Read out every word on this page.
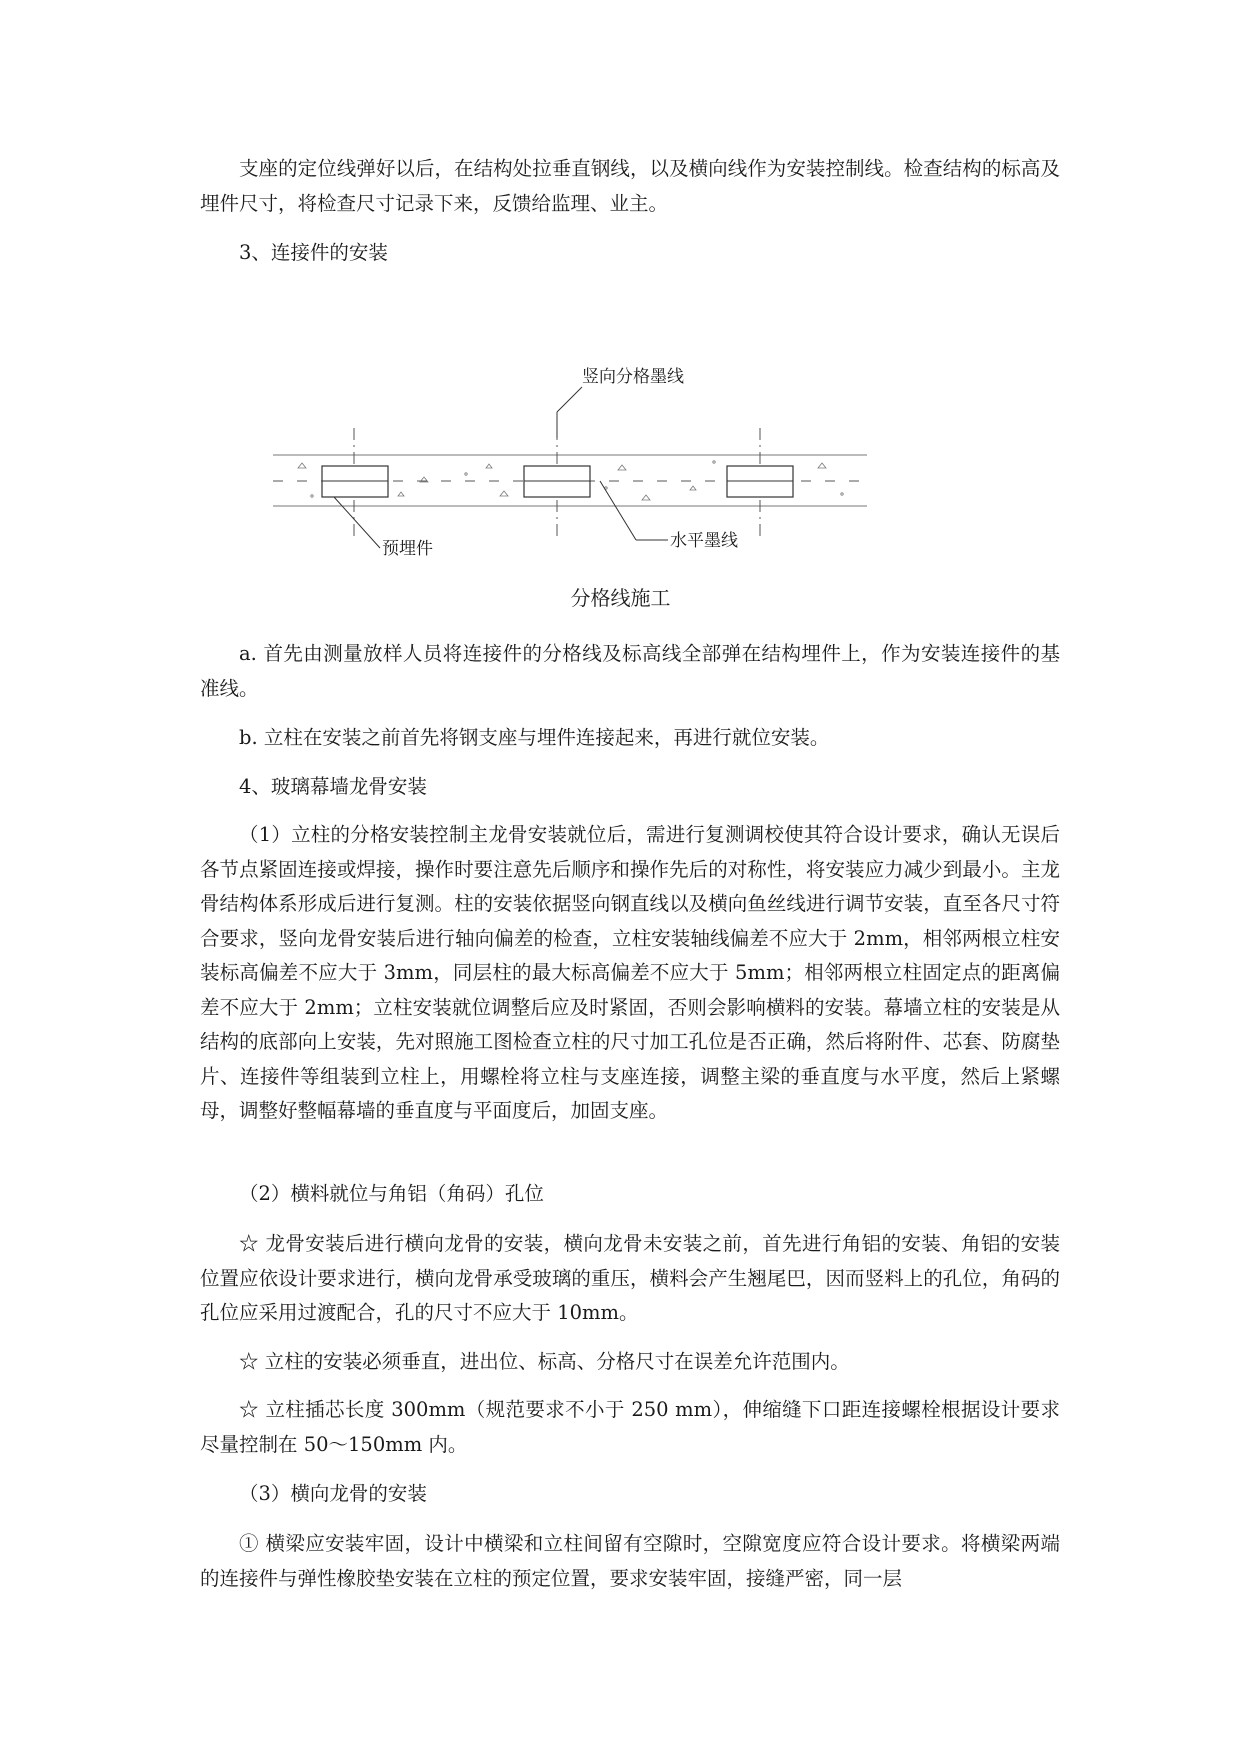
支座的定位线弹好以后，在结构处拉垂直钢线，以及横向线作为安装控制线。检查结构的标高及埋件尺寸，将检查尺寸记录下来，反馈给监理、业主。

3、连接件的安装

竖向分格墨线
预埋件	水平墨线

分格线施工

a. 首先由测量放样人员将连接件的分格线及标高线全部弹在结构埋件上，作为安装连接件的基准线。

b. 立柱在安装之前首先将钢支座与埋件连接起来，再进行就位安装。

4、玻璃幕墙龙骨安装

（1）立柱的分格安装控制主龙骨安装就位后，需进行复测调校使其符合设计要求，确认无误后各节点紧固连接或焊接，操作时要注意先后顺序和操作先后的对称性，将安装应力减少到最小。主龙骨结构体系形成后进行复测。柱的安装依据竖向钢直线以及横向鱼丝线进行调节安装，直至各尺寸符合要求，竖向龙骨安装后进行轴向偏差的检查，立柱安装轴线偏差不应大于 2mm，相邻两根立柱安装标高偏差不应大于 3mm，同层柱的最大标高偏差不应大于 5mm；相邻两根立柱固定点的距离偏差不应大于 2mm；立柱安装就位调整后应及时紧固，否则会影响横料的安装。幕墙立柱的安装是从结构的底部向上安装，先对照施工图检查立柱的尺寸加工孔位是否正确，然后将附件、芯套、防腐垫片、连接件等组装到立柱上，用螺栓将立柱与支座连接，调整主梁的垂直度与水平度，然后上紧螺母，调整好整幅幕墙的垂直度与平面度后，加固支座。

（2）横料就位与角铝（角码）孔位

☆ 龙骨安装后进行横向龙骨的安装，横向龙骨未安装之前，首先进行角铝的安装、角铝的安装位置应依设计要求进行，横向龙骨承受玻璃的重压，横料会产生翘尾巴，因而竖料上的孔位，角码的孔位应采用过渡配合，孔的尺寸不应大于 10mm。

☆ 立柱的安装必须垂直，进出位、标高、分格尺寸在误差允许范围内。

☆ 立柱插芯长度 300mm（规范要求不小于 250 mm），伸缩缝下口距连接螺栓根据设计要求尽量控制在 50～150mm 内。

（3）横向龙骨的安装

① 横梁应安装牢固，设计中横梁和立柱间留有空隙时，空隙宽度应符合设计要求。将横梁两端的连接件与弹性橡胶垫安装在立柱的预定位置，要求安装牢固，接缝严密，同一层
